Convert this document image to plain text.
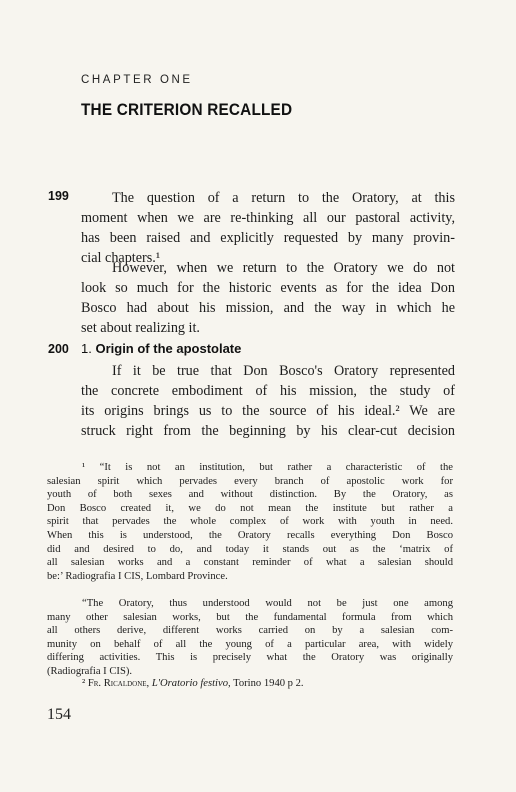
CHAPTER ONE
THE CRITERION RECALLED
199
200

The question of a return to the Oratory, at this
moment when we are re-thinking all our pastoral activity,
has been raised and explicitly requested by many provin-
cial chapters.¹

However, when we return to the Oratory we do not
look so much for the historic events as for the idea Don
Bosco had about his mission, and the way in which he
set about realizing it.

1. Origin of the apostolate

If it be true that Don Bosco's Oratory represented
the concrete embodiment of his mission, the study of
its origins brings us to the source of his ideal.² We are
struck right from the beginning by his clear-cut decision

¹ “It is not an institution, but rather a characteristic of the
salesian spirit which pervades every branch of apostolic work for
youth of both sexes and without distinction. By the Oratory, as
Don Bosco created it, we do not mean the institute but rather a
spirit that pervades the whole complex of work with youth in need.
When this is understood, the Oratory recalls everything Don Bosco
did and desired to do, and today it stands out as the ‘matrix of
all salesian works and a constant reminder of what a salesian should
be:’ Radiografia I CIS, Lombard Province.

“The Oratory, thus understood would not be just one among
many other salesian works, but the fundamental formula from which
all others derive, different works carried on by a salesian com-
munity on behalf of all the young of a particular area, with widely
differing activities. This is precisely what the Oratory was originally
(Radiografia I CIS).

² Fr. Ricaldone, L'Oratorio festivo, Torino 1940 p 2.

154
